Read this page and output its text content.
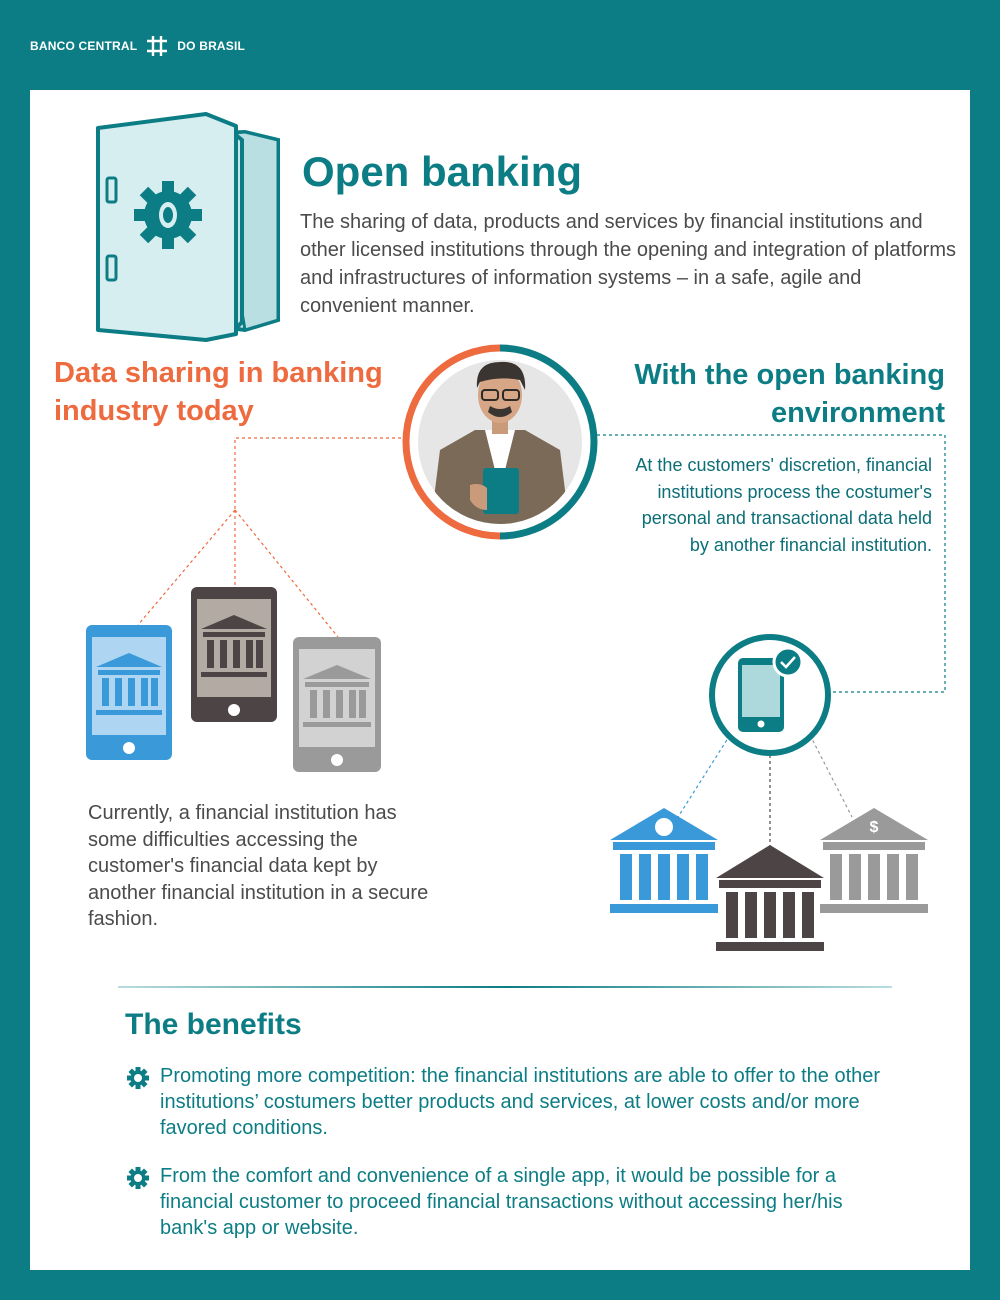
BANCO CENTRAL	DO BRASIL
$
Open banking
The sharing of data, products and services by financial institutions and other licensed institutions through the opening and integration of platforms and infrastructures of information systems – in a safe, agile and convenient manner.
Data sharing in banking industry today
With the open banking environment
At the customers' discretion, financial institutions process the costumer's personal and transactional data held by another financial institution.
Currently, a financial institution has some difficulties accessing the customer's financial data kept by another financial institution in a secure fashion.
The benefits
Promoting more competition: the financial institutions are able to offer to the other institutions’ costumers better products and services, at lower costs and/or more favored conditions.
From the comfort and convenience of a single app, it would be possible for a financial customer to proceed financial transactions without accessing her/his bank's app or website.
